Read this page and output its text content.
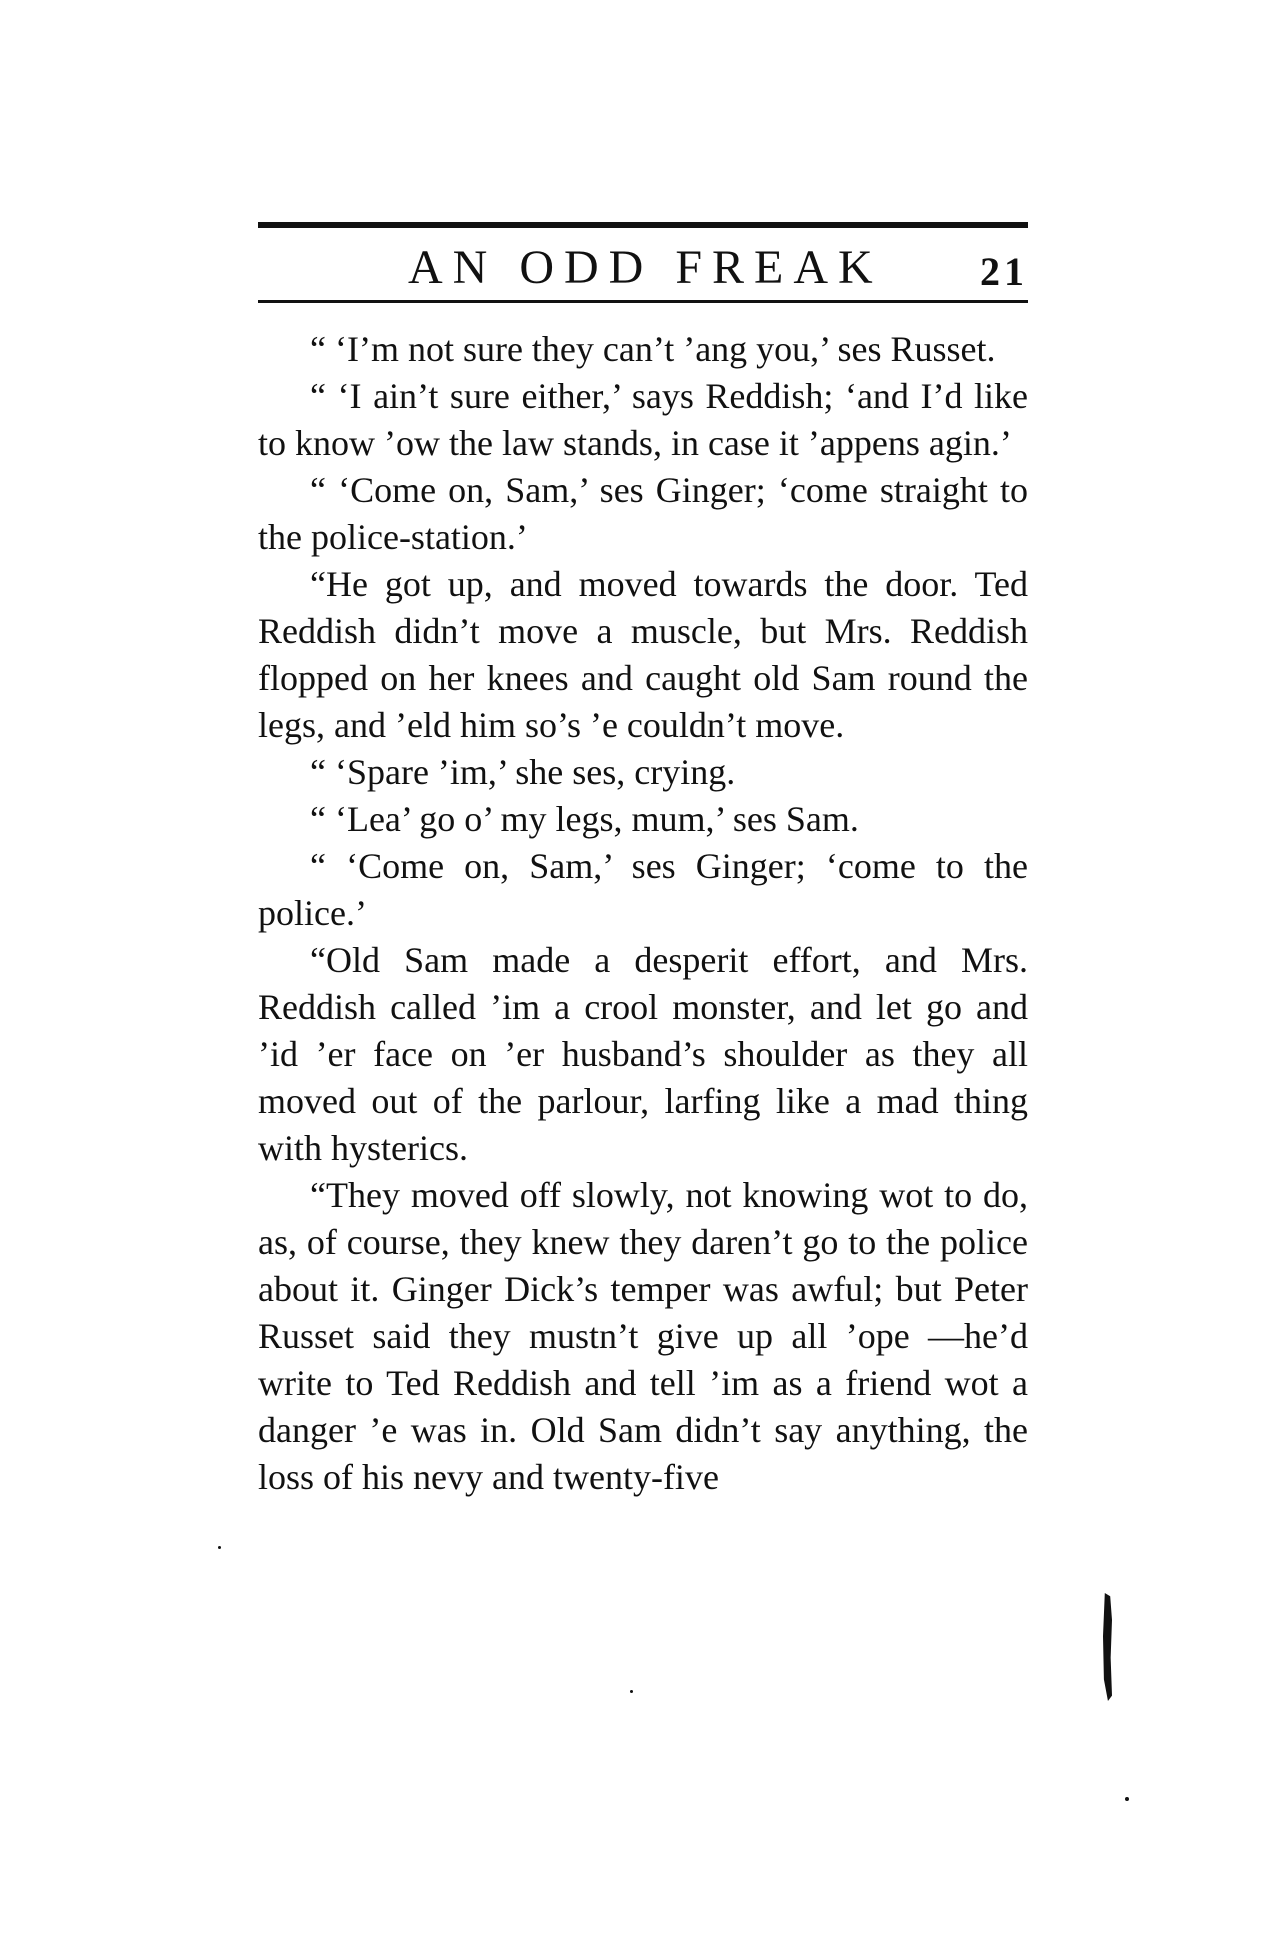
AN ODD FREAK 21

“ ‘I’m not sure they can’t ’ang you,’ ses Russet.

“ ‘I ain’t sure either,’ says Reddish; ‘and I’d like to know ’ow the law stands, in case it ’appens agin.’

“ ‘Come on, Sam,’ ses Ginger; ‘come straight to the police-station.’

“He got up, and moved towards the door. Ted Reddish didn’t move a muscle, but Mrs. Reddish flopped on her knees and caught old Sam round the legs, and ’eld him so’s ’e couldn’t move.

“ ‘Spare ’im,’ she ses, crying.

“ ‘Lea’ go o’ my legs, mum,’ ses Sam.

“ ‘Come on, Sam,’ ses Ginger; ‘come to the police.’

“Old Sam made a desperit effort, and Mrs. Reddish called ’im a crool monster, and let go and ’id ’er face on ’er husband’s shoulder as they all moved out of the parlour, larfing like a mad thing with hysterics.

“They moved off slowly, not knowing wot to do, as, of course, they knew they daren’t go to the police about it. Ginger Dick’s temper was awful; but Peter Russet said they mustn’t give up all ’ope —he’d write to Ted Reddish and tell ’im as a friend wot a danger ’e was in. Old Sam didn’t say anything, the loss of his nevy and twenty-five
